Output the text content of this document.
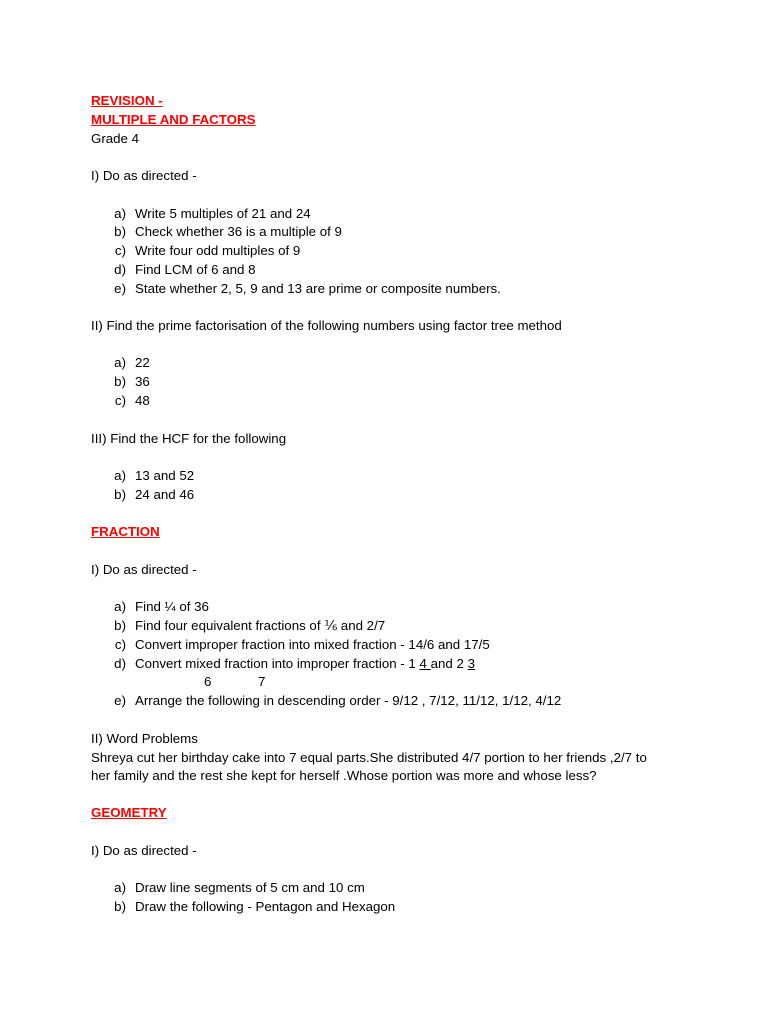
REVISION -
MULTIPLE AND FACTORS
Grade 4
I) Do as directed -
a) Write 5 multiples of 21 and 24
b) Check whether 36 is a multiple of 9
c) Write four odd multiples of 9
d) Find LCM of 6 and 8
e) State whether 2, 5, 9 and 13 are prime or composite numbers.
II) Find the prime factorisation of the following numbers using factor tree method
a) 22
b) 36
c) 48
III) Find the HCF for the following
a) 13 and 52
b) 24 and 46
FRACTION
I) Do as directed -
a) Find ¼ of 36
b) Find four equivalent fractions of ⅙ and 2/7
c) Convert improper fraction into mixed fraction - 14/6 and 17/5
d) Convert mixed fraction into improper fraction - 1 4 and 2 3
6	7
e) Arrange the following in descending order - 9/12 , 7/12, 11/12, 1/12, 4/12
II) Word Problems
Shreya cut her birthday cake into 7 equal parts.She distributed 4/7 portion to her friends ,2/7 to
her family and the rest she kept for herself .Whose portion was more and whose less?
GEOMETRY
I) Do as directed -
a) Draw line segments of 5 cm and 10 cm
b) Draw the following - Pentagon and Hexagon
